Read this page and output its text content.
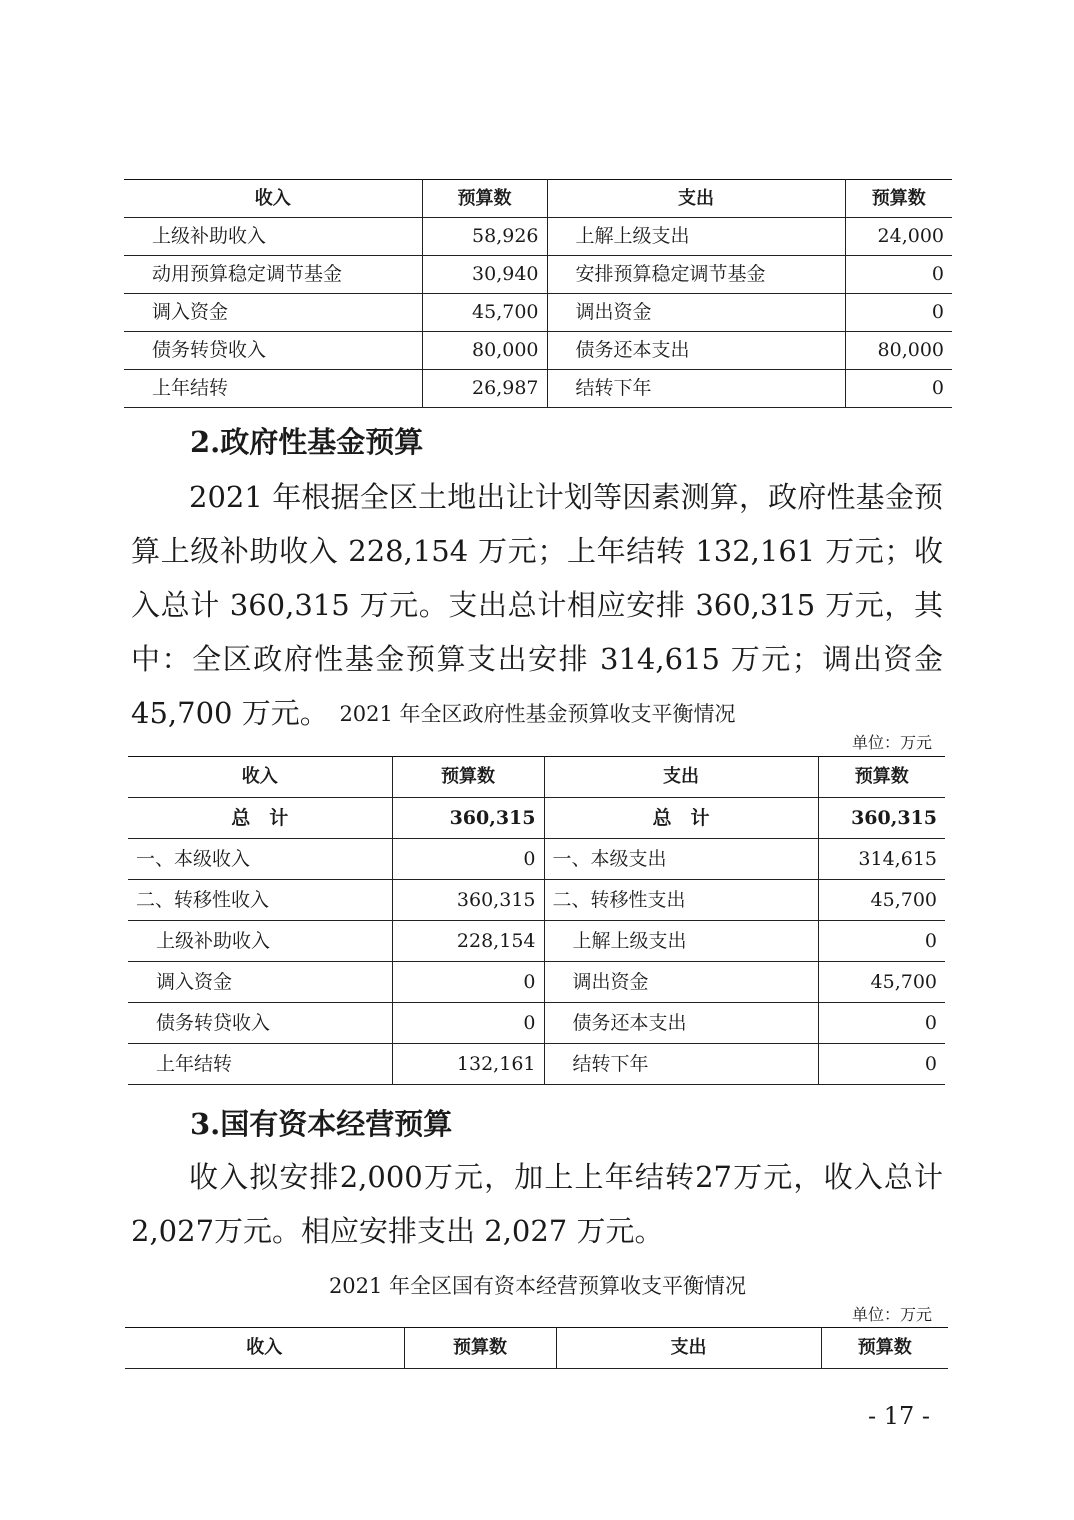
收入	预算数	支出	预算数
上级补助收入	58,926	上解上级支出	24,000
动用预算稳定调节基金	30,940	安排预算稳定调节基金	0
调入资金	45,700	调出资金	0
债务转贷收入	80,000	债务还本支出	80,000
上年结转	26,987	结转下年	0
2.政府性基金预算
2021 年根据全区土地出让计划等因素测算，政府性基金预算上级补助收入 228,154 万元；上年结转 132,161 万元；收入总计 360,315 万元。支出总计相应安排 360,315 万元，其中：全区政府性基金预算支出安排 314,615 万元；调出资金 45,700 万元。 2021 年全区政府性基金预算收支平衡情况
单位：万元
收入	预算数	支出	预算数
总　计	360,315	总　计	360,315
一、本级收入	0	一、本级支出	314,615
二、转移性收入	360,315	二、转移性支出	45,700
上级补助收入	228,154	上解上级支出	0
调入资金	0	调出资金	45,700
债务转贷收入	0	债务还本支出	0
上年结转	132,161	结转下年	0
3.国有资本经营预算
收入拟安排2,000万元，加上上年结转27万元，收入总计2,027万元。相应安排支出 2,027 万元。
2021 年全区国有资本经营预算收支平衡情况
单位：万元
收入	预算数	支出	预算数
- 17 -
